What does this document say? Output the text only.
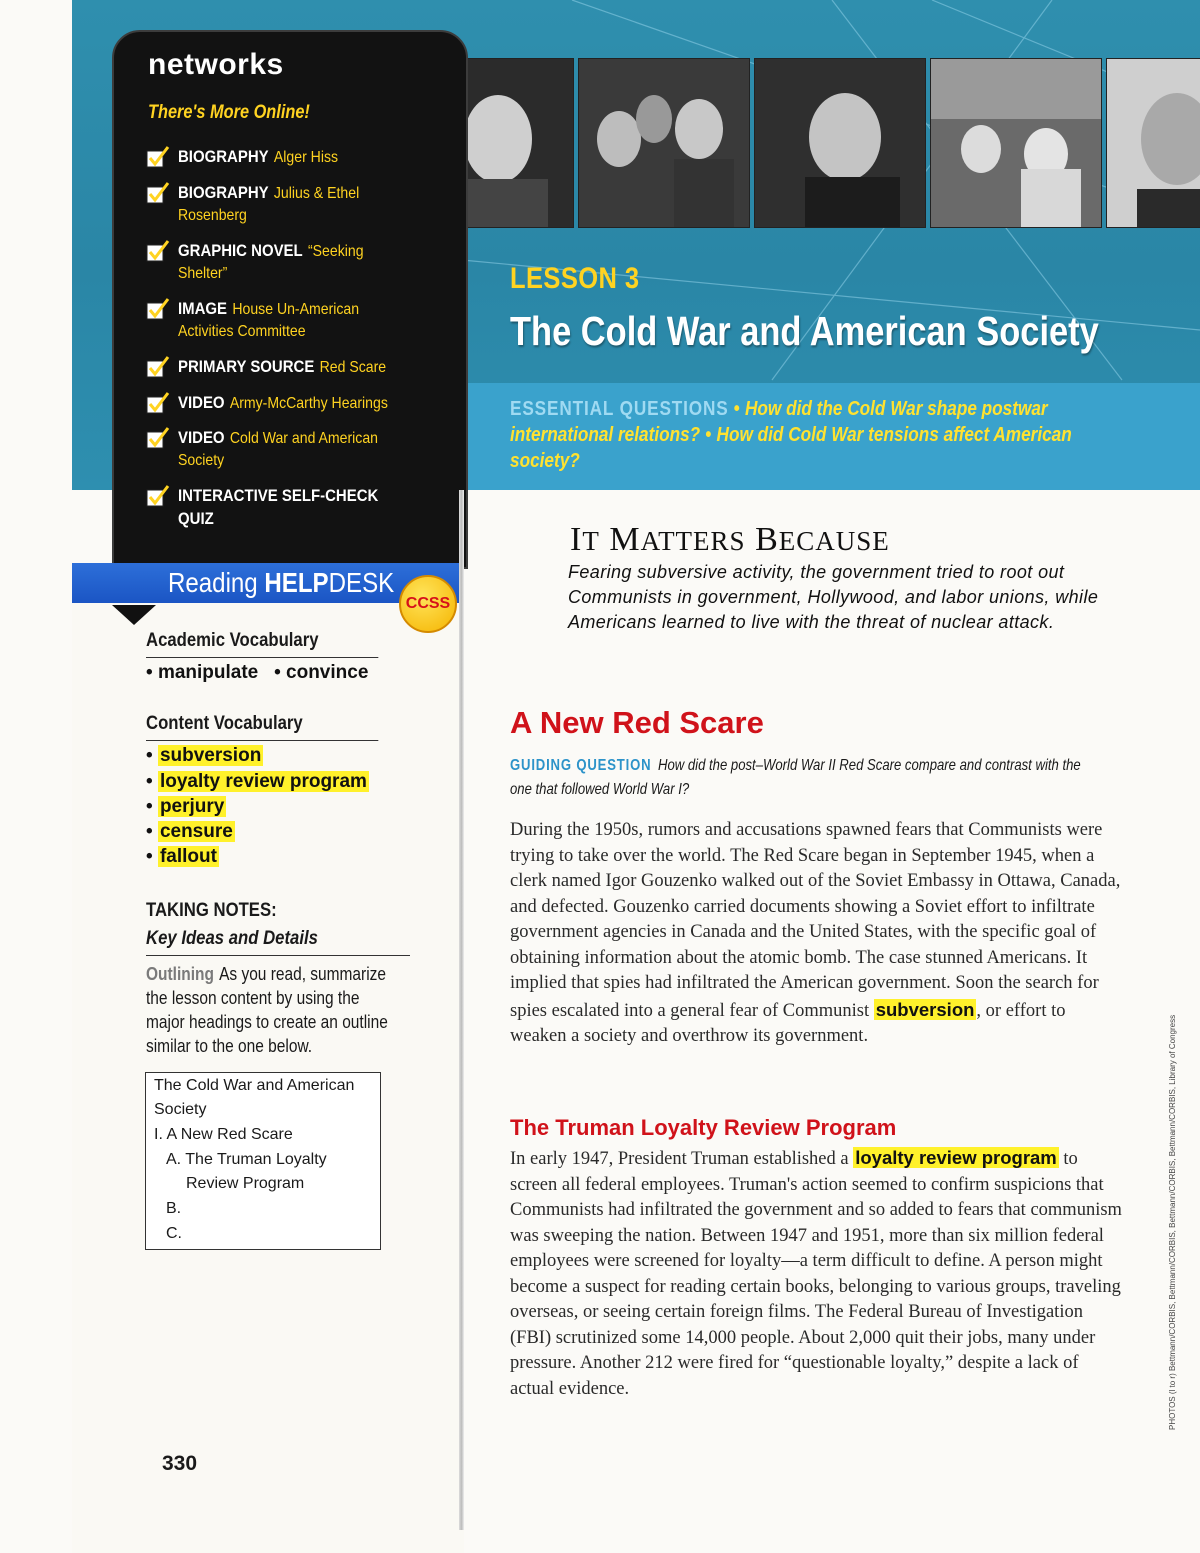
LESSON 3
The Cold War and American Society
ESSENTIAL QUESTIONS • How did the Cold War shape postwar international relations? • How did Cold War tensions affect American society?
networks
There's More Online!
BIOGRAPHY Alger Hiss
BIOGRAPHY Julius & Ethel Rosenberg
GRAPHIC NOVEL “Seeking Shelter”
IMAGE House Un-American Activities Committee
PRIMARY SOURCE Red Scare
VIDEO Army-McCarthy Hearings
VIDEO Cold War and American Society
INTERACTIVE SELF-CHECK QUIZ
Reading HELPDESK
CCSS
Academic Vocabulary
• manipulate   • convince
Content Vocabulary
• subversion
• loyalty review program
• perjury
• censure
• fallout
TAKING NOTES:
Key Ideas and Details
Outlining As you read, summarize the lesson content by using the major headings to create an outline similar to the one below.
The Cold War and American
Society
I. A New Red Scare
A. The Truman Loyalty
Review Program
B.
C.
330
IT MATTERS BECAUSE
Fearing subversive activity, the government tried to root out Communists in government, Hollywood, and labor unions, while Americans learned to live with the threat of nuclear attack.
A New Red Scare
GUIDING QUESTION How did the post–World War II Red Scare compare and contrast with the one that followed World War I?
During the 1950s, rumors and accusations spawned fears that Communists were trying to take over the world. The Red Scare began in September 1945, when a clerk named Igor Gouzenko walked out of the Soviet Embassy in Ottawa, Canada, and defected. Gouzenko carried documents showing a Soviet effort to infiltrate government agencies in Canada and the United States, with the specific goal of obtaining information about the atomic bomb. The case stunned Americans. It implied that spies had infiltrated the American government. Soon the search for spies escalated into a general fear of Communist subversion , or effort to weaken a society and overthrow its government.
The Truman Loyalty Review Program
In early 1947, President Truman established a loyalty review program to screen all federal employees. Truman's action seemed to confirm suspicions that Communists had infiltrated the government and so added to fears that communism was sweeping the nation. Between 1947 and 1951, more than six million federal employees were screened for loyalty—a term difficult to define. A person might become a suspect for reading certain books, belonging to various groups, traveling overseas, or seeing certain foreign films. The Federal Bureau of Investigation (FBI) scrutinized some 14,000 people. About 2,000 quit their jobs, many under pressure. Another 212 were fired for “questionable loyalty,” despite a lack of actual evidence.	PHOTOS (l to r) Bettmann/CORBIS, Bettmann/CORBIS, Bettmann/CORBIS, Bettmann/CORBIS, Library of Congress
